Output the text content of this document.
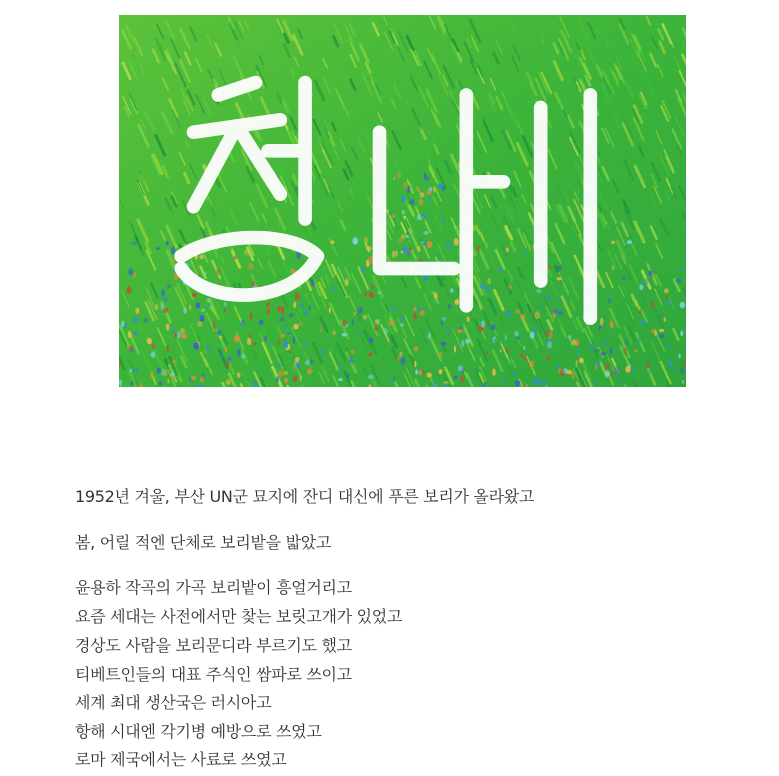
1952년 겨울, 부산 UN군 묘지에 잔디 대신에 푸른 보리가 올라왔고
봄, 어릴 적엔 단체로 보리밭을 밟았고
윤용하 작곡의 가곡 보리밭이 흥얼거리고
요즘 세대는 사전에서만 찾는 보릿고개가 있었고
경상도 사람을 보리문디라 부르기도 했고
티베트인들의 대표 주식인 쌈파로 쓰이고
세계 최대 생산국은 러시아고
항해 시대엔 각기병 예방으로 쓰였고
로마 제국에서는 사료로 쓰였고
